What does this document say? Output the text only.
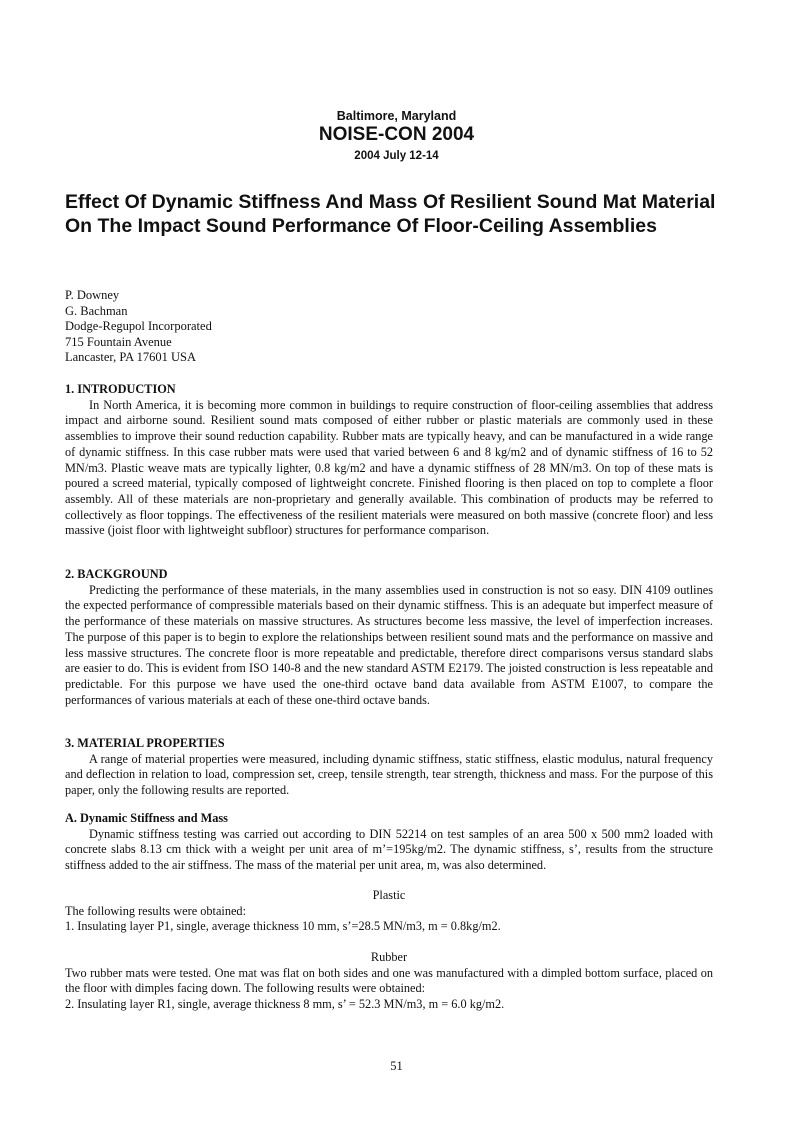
Baltimore, Maryland
NOISE-CON 2004
2004 July 12-14
Effect Of Dynamic Stiffness And Mass Of Resilient Sound Mat Material On The Impact Sound Performance Of Floor-Ceiling Assemblies
P. Downey
G. Bachman
Dodge-Regupol Incorporated
715 Fountain Avenue
Lancaster, PA 17601 USA

1. INTRODUCTION

In North America, it is becoming more common in buildings to require construction of floor-ceiling assemblies that address impact and airborne sound. Resilient sound mats composed of either rubber or plastic materials are commonly used in these assemblies to improve their sound reduction capability. Rubber mats are typically heavy, and can be manufactured in a wide range of dynamic stiffness. In this case rubber mats were used that varied between 6 and 8 kg/m2 and of dynamic stiffness of 16 to 52 MN/m3. Plastic weave mats are typically lighter, 0.8 kg/m2 and have a dynamic stiffness of 28 MN/m3. On top of these mats is poured a screed material, typically composed of lightweight concrete. Finished flooring is then placed on top to complete a floor assembly. All of these materials are non-proprietary and generally available. This combination of products may be referred to collectively as floor toppings. The effectiveness of the resilient materials were measured on both massive (concrete floor) and less massive (joist floor with lightweight subfloor) structures for performance comparison.

2. BACKGROUND

Predicting the performance of these materials, in the many assemblies used in construction is not so easy. DIN 4109 outlines the expected performance of compressible materials based on their dynamic stiffness. This is an adequate but imperfect measure of the performance of these materials on massive structures. As structures become less massive, the level of imperfection increases. The purpose of this paper is to begin to explore the relationships between resilient sound mats and the performance on massive and less massive structures. The concrete floor is more repeatable and predictable, therefore direct comparisons versus standard slabs are easier to do. This is evident from ISO 140-8 and the new standard ASTM E2179. The joisted construction is less repeatable and predictable. For this purpose we have used the one-third octave band data available from ASTM E1007, to compare the performances of various materials at each of these one-third octave bands.

3. MATERIAL PROPERTIES

A range of material properties were measured, including dynamic stiffness, static stiffness, elastic modulus, natural frequency and deflection in relation to load, compression set, creep, tensile strength, tear strength, thickness and mass. For the purpose of this paper, only the following results are reported.

A. Dynamic Stiffness and Mass

Dynamic stiffness testing was carried out according to DIN 52214 on test samples of an area 500 x 500 mm2 loaded with concrete slabs 8.13 cm thick with a weight per unit area of m’=195kg/m2. The dynamic stiffness, s’, results from the structure stiffness added to the air stiffness. The mass of the material per unit area, m, was also determined.

Plastic

The following results were obtained:

1. Insulating layer P1, single, average thickness 10 mm, s’=28.5 MN/m3, m = 0.8kg/m2.

Rubber

Two rubber mats were tested. One mat was flat on both sides and one was manufactured with a dimpled bottom surface, placed on the floor with dimples facing down. The following results were obtained:

2. Insulating layer R1, single, average thickness 8 mm, s’ = 52.3 MN/m3, m = 6.0 kg/m2.

51
